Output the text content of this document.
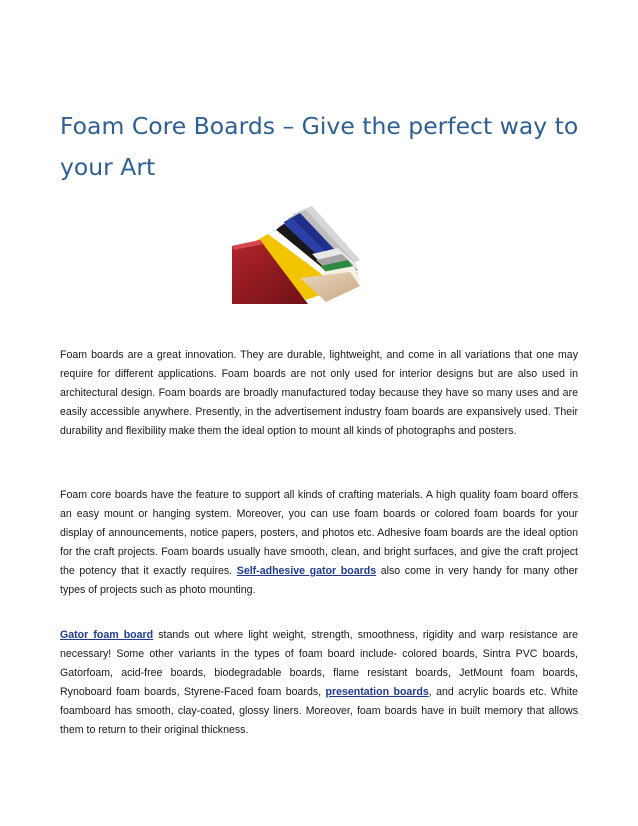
Foam Core Boards – Give the perfect way to your Art

Foam boards are a great innovation. They are durable, lightweight, and come in all variations that one may require for different applications. Foam boards are not only used for interior designs but are also used in architectural design. Foam boards are broadly manufactured today because they have so many uses and are easily accessible anywhere. Presently, in the advertisement industry foam boards are expansively used. Their durability and flexibility make them the ideal option to mount all kinds of photographs and posters.

Foam core boards have the feature to support all kinds of crafting materials. A high quality foam board offers an easy mount or hanging system. Moreover, you can use foam boards or colored foam boards for your display of announcements, notice papers, posters, and photos etc. Adhesive foam boards are the ideal option for the craft projects. Foam boards usually have smooth, clean, and bright surfaces, and give the craft project the potency that it exactly requires. Self-adhesive gator boards also come in very handy for many other types of projects such as photo mounting.

Gator foam board stands out where light weight, strength, smoothness, rigidity and warp resistance are necessary! Some other variants in the types of foam board include- colored boards, Sintra PVC boards, Gatorfoam, acid-free boards, biodegradable boards, flame resistant boards, JetMount foam boards, Rynoboard foam boards, Styrene-Faced foam boards, presentation boards, and acrylic boards etc. White foamboard has smooth, clay-coated, glossy liners. Moreover, foam boards have in built memory that allows them to return to their original thickness.
